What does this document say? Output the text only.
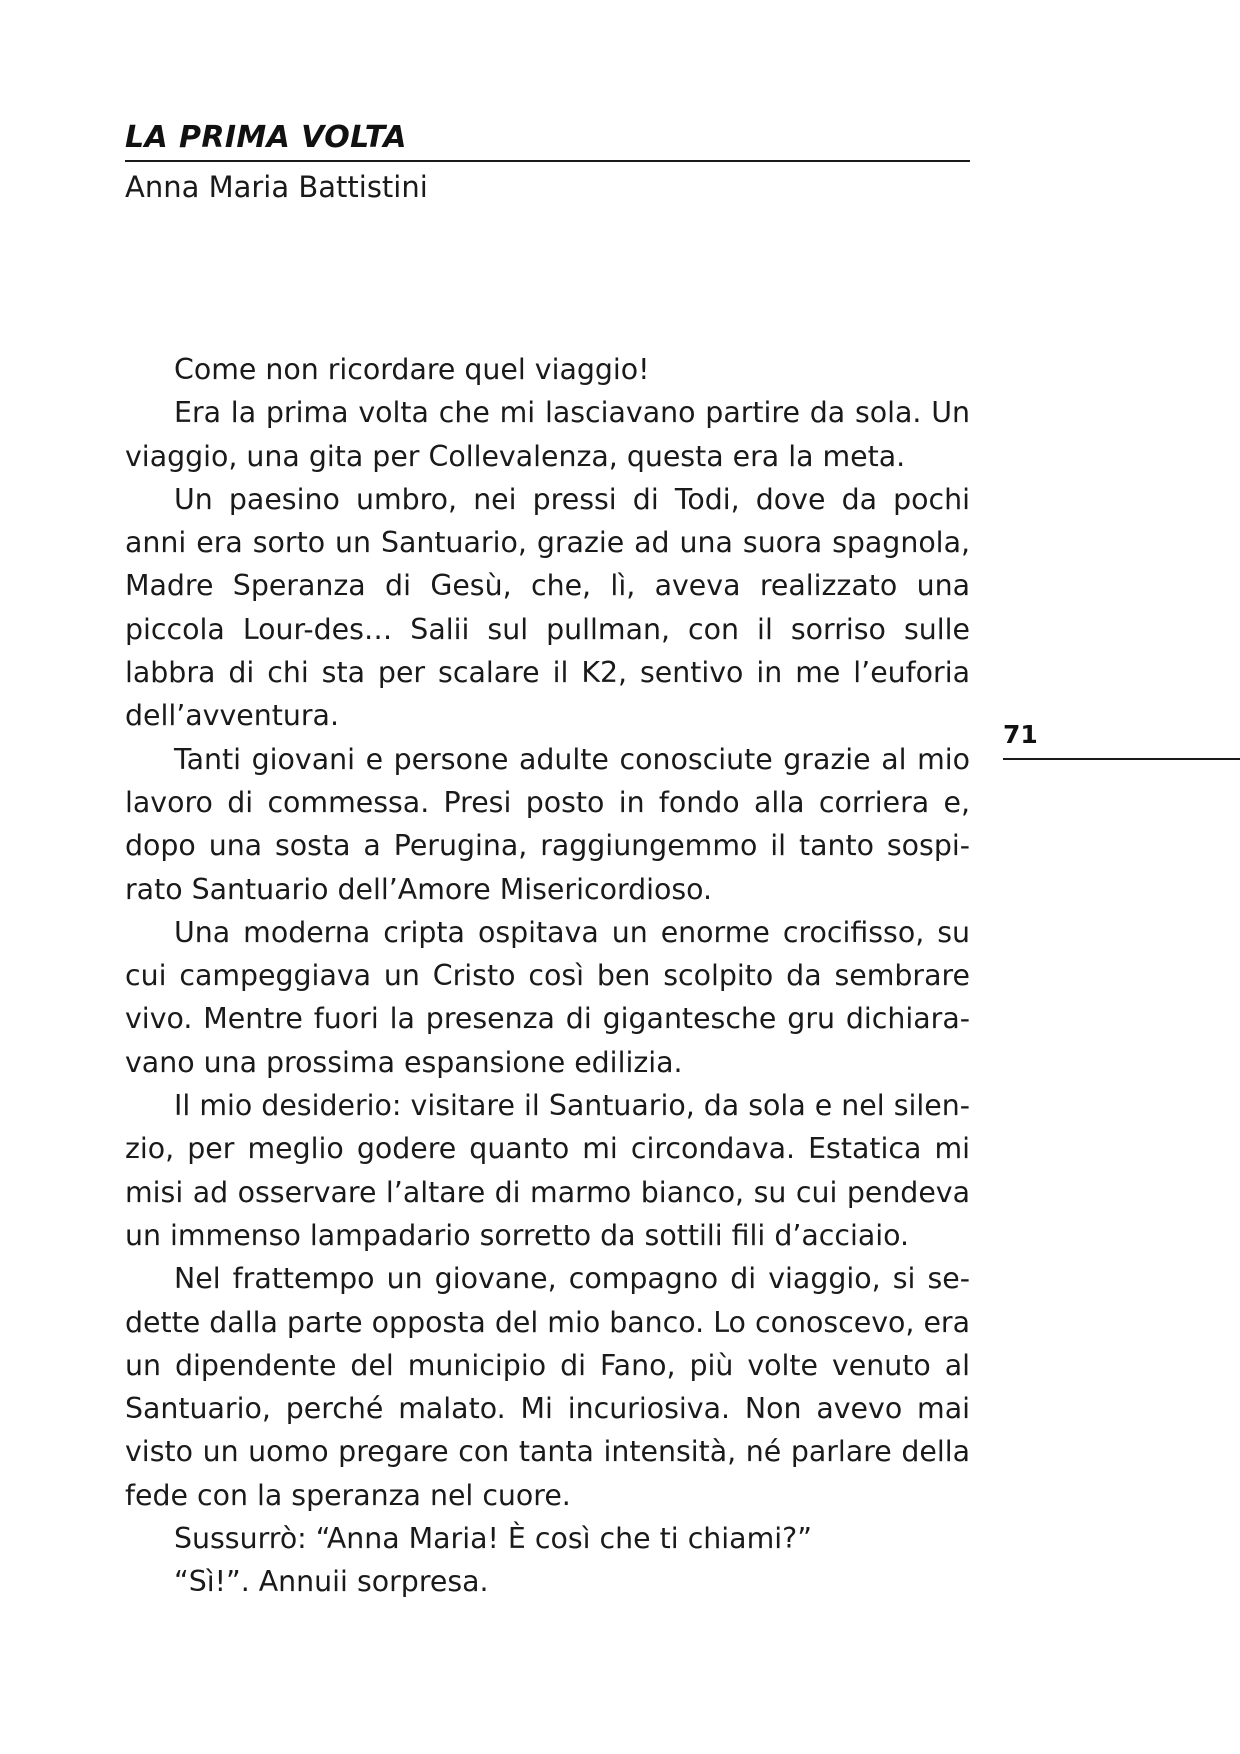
LA PRIMA VOLTA
Anna Maria Battistini

Come non ricordare quel viaggio!

Era la prima volta che mi lasciavano partire da sola. Un viaggio, una gita per Collevalenza, questa era la meta.

Un paesino umbro, nei pressi di Todi, dove da pochi anni era sorto un Santuario, grazie ad una suora spagnola, Madre Speranza di Gesù, che, lì, aveva realizzato una piccola Lour-des… Salii sul pullman, con il sorriso sulle labbra di chi sta per scalare il K2, sentivo in me l’euforia dell’avventura.

Tanti giovani e persone adulte conosciute grazie al mio lavoro di commessa. Presi posto in fondo alla corriera e, dopo una sosta a Perugina, raggiungemmo il tanto sospi-rato Santuario dell’Amore Misericordioso.

Una moderna cripta ospitava un enorme crocifisso, su cui campeggiava un Cristo così ben scolpito da sembrare vivo. Mentre fuori la presenza di gigantesche gru dichiara-vano una prossima espansione edilizia.

Il mio desiderio: visitare il Santuario, da sola e nel silen-zio, per meglio godere quanto mi circondava. Estatica mi misi ad osservare l’altare di marmo bianco, su cui pendeva un immenso lampadario sorretto da sottili fili d’acciaio.

Nel frattempo un giovane, compagno di viaggio, si se-dette dalla parte opposta del mio banco. Lo conoscevo, era un dipendente del municipio di Fano, più volte venuto al Santuario, perché malato. Mi incuriosiva. Non avevo mai visto un uomo pregare con tanta intensità, né parlare della fede con la speranza nel cuore.

Sussurrò: “Anna Maria! È così che ti chiami?”

“Sì!”. Annuii sorpresa.

71
